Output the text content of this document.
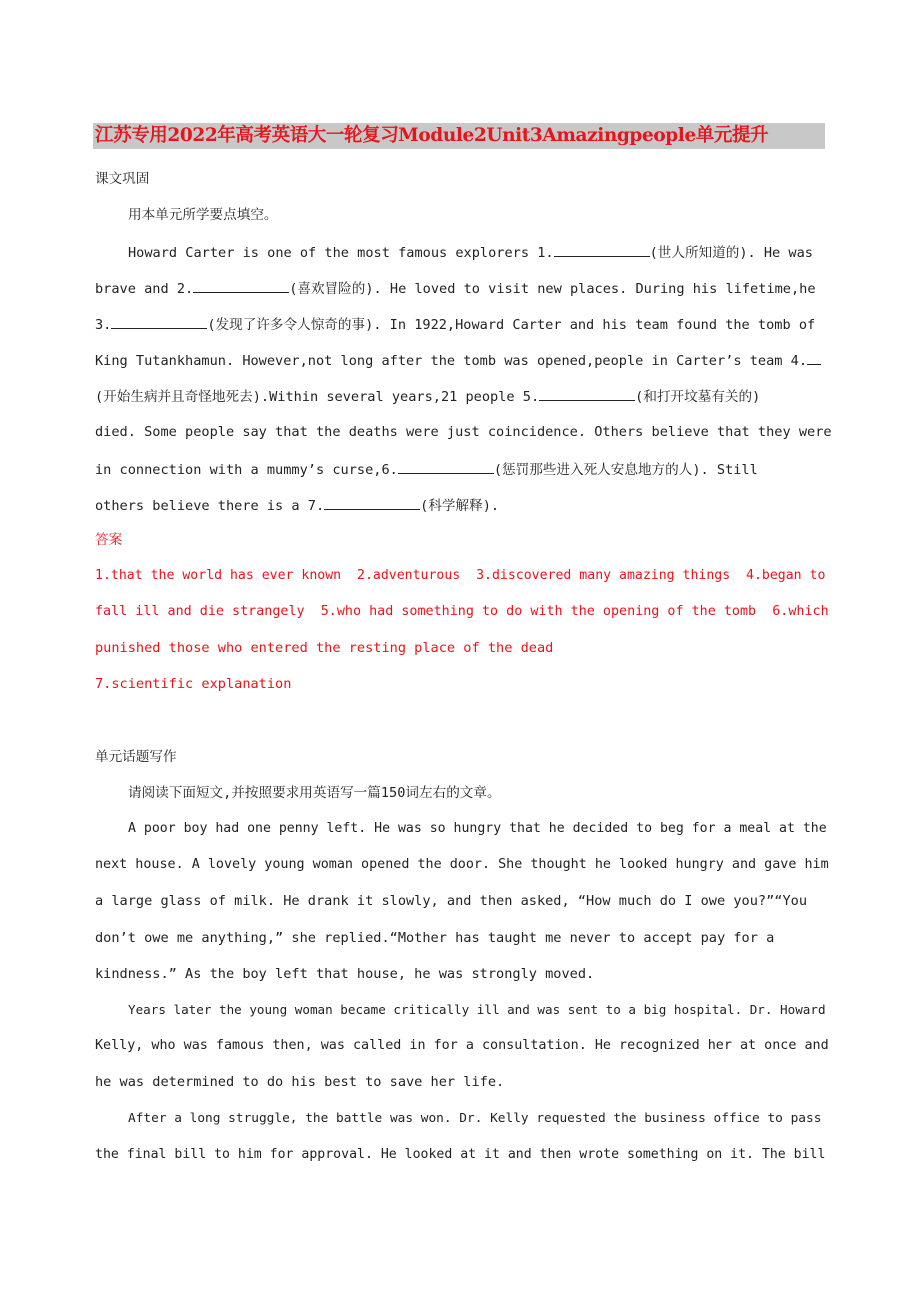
江苏专用2022年高考英语大一轮复习Module2Unit3Amazingpeople单元提升
课文巩固
用本单元所学要点填空。
Howard Carter is one of the most famous explorers 1.	(世人所知道的). He was
brave and 2.	(喜欢冒险的). He loved to visit new places. During his lifetime,he
3.	(发现了许多令人惊奇的事). In 1922,Howard Carter and his team found the tomb of
King Tutankhamun. However,not long after the tomb was opened,people in Carter’s team 4.
(开始生病并且奇怪地死去).Within several years,21 people 5.	(和打开坟墓有关的)
died. Some people say that the deaths were just coincidence. Others believe that they were
in connection with a mummy’s curse,6.	(惩罚那些进入死人安息地方的人). Still
others believe there is a 7.	(科学解释).
答案
1.that the world has ever known  2.adventurous  3.discovered many amazing things  4.began to
fall ill and die strangely  5.who had something to do with the opening of the tomb  6.which
punished those who entered the resting place of the dead
7.scientific explanation
单元话题写作
请阅读下面短文,并按照要求用英语写一篇150词左右的文章。
A poor boy had one penny left. He was so hungry that he decided to beg for a meal at the
next house. A lovely young woman opened the door. She thought he looked hungry and gave him
a large glass of milk. He drank it slowly, and then asked, “How much do I owe you?”“You
don’t owe me anything,” she replied.“Mother has taught me never to accept pay for a
kindness.” As the boy left that house, he was strongly moved.
Years later the young woman became critically ill and was sent to a big hospital. Dr. Howard
Kelly, who was famous then, was called in for a consultation. He recognized her at once and
he was determined to do his best to save her life.
After a long struggle, the battle was won. Dr. Kelly requested the business office to pass
the final bill to him for approval. He looked at it and then wrote something on it. The bill
